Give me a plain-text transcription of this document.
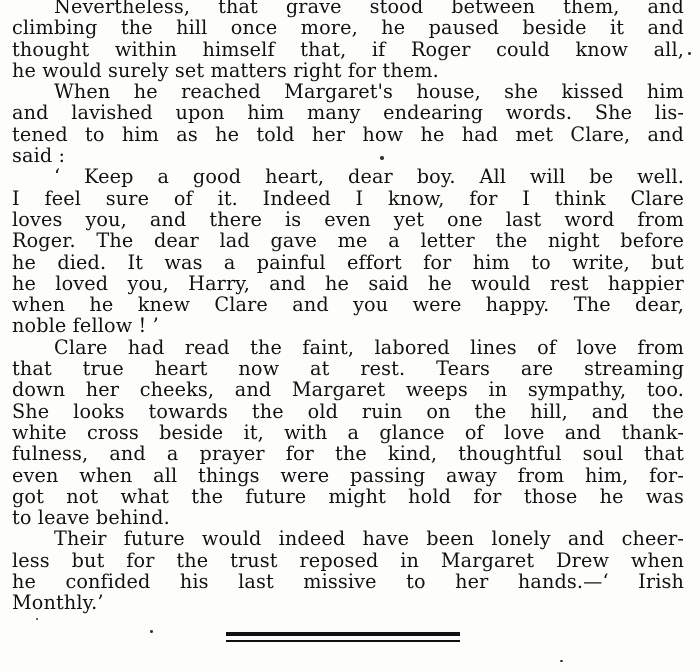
Nevertheless, that grave stood between them, and
climbing the hill once more, he paused beside it and
thought within himself that, if Roger could know all,
he would surely set matters right for them.
When he reached Margaret's house, she kissed him
and lavished upon him many endearing words. She lis-
tened to him as he told her how he had met Clare, and
said :
‘ Keep a good heart, dear boy. All will be well.
I feel sure of it. Indeed I know, for I think Clare
loves you, and there is even yet one last word from
Roger. The dear lad gave me a letter the night before
he died. It was a painful effort for him to write, but
he loved you, Harry, and he said he would rest happier
when he knew Clare and you were happy. The dear,
noble fellow ! ’
Clare had read the faint, labored lines of love from
that true heart now at rest. Tears are streaming
down her cheeks, and Margaret weeps in sympathy, too.
She looks towards the old ruin on the hill, and the
white cross beside it, with a glance of love and thank-
fulness, and a prayer for the kind, thoughtful soul that
even when all things were passing away from him, for-
got not what the future might hold for those he was
to leave behind.
Their future would indeed have been lonely and cheer-
less but for the trust reposed in Margaret Drew when
he confided his last missive to her hands.—‘ Irish
Monthly.’
